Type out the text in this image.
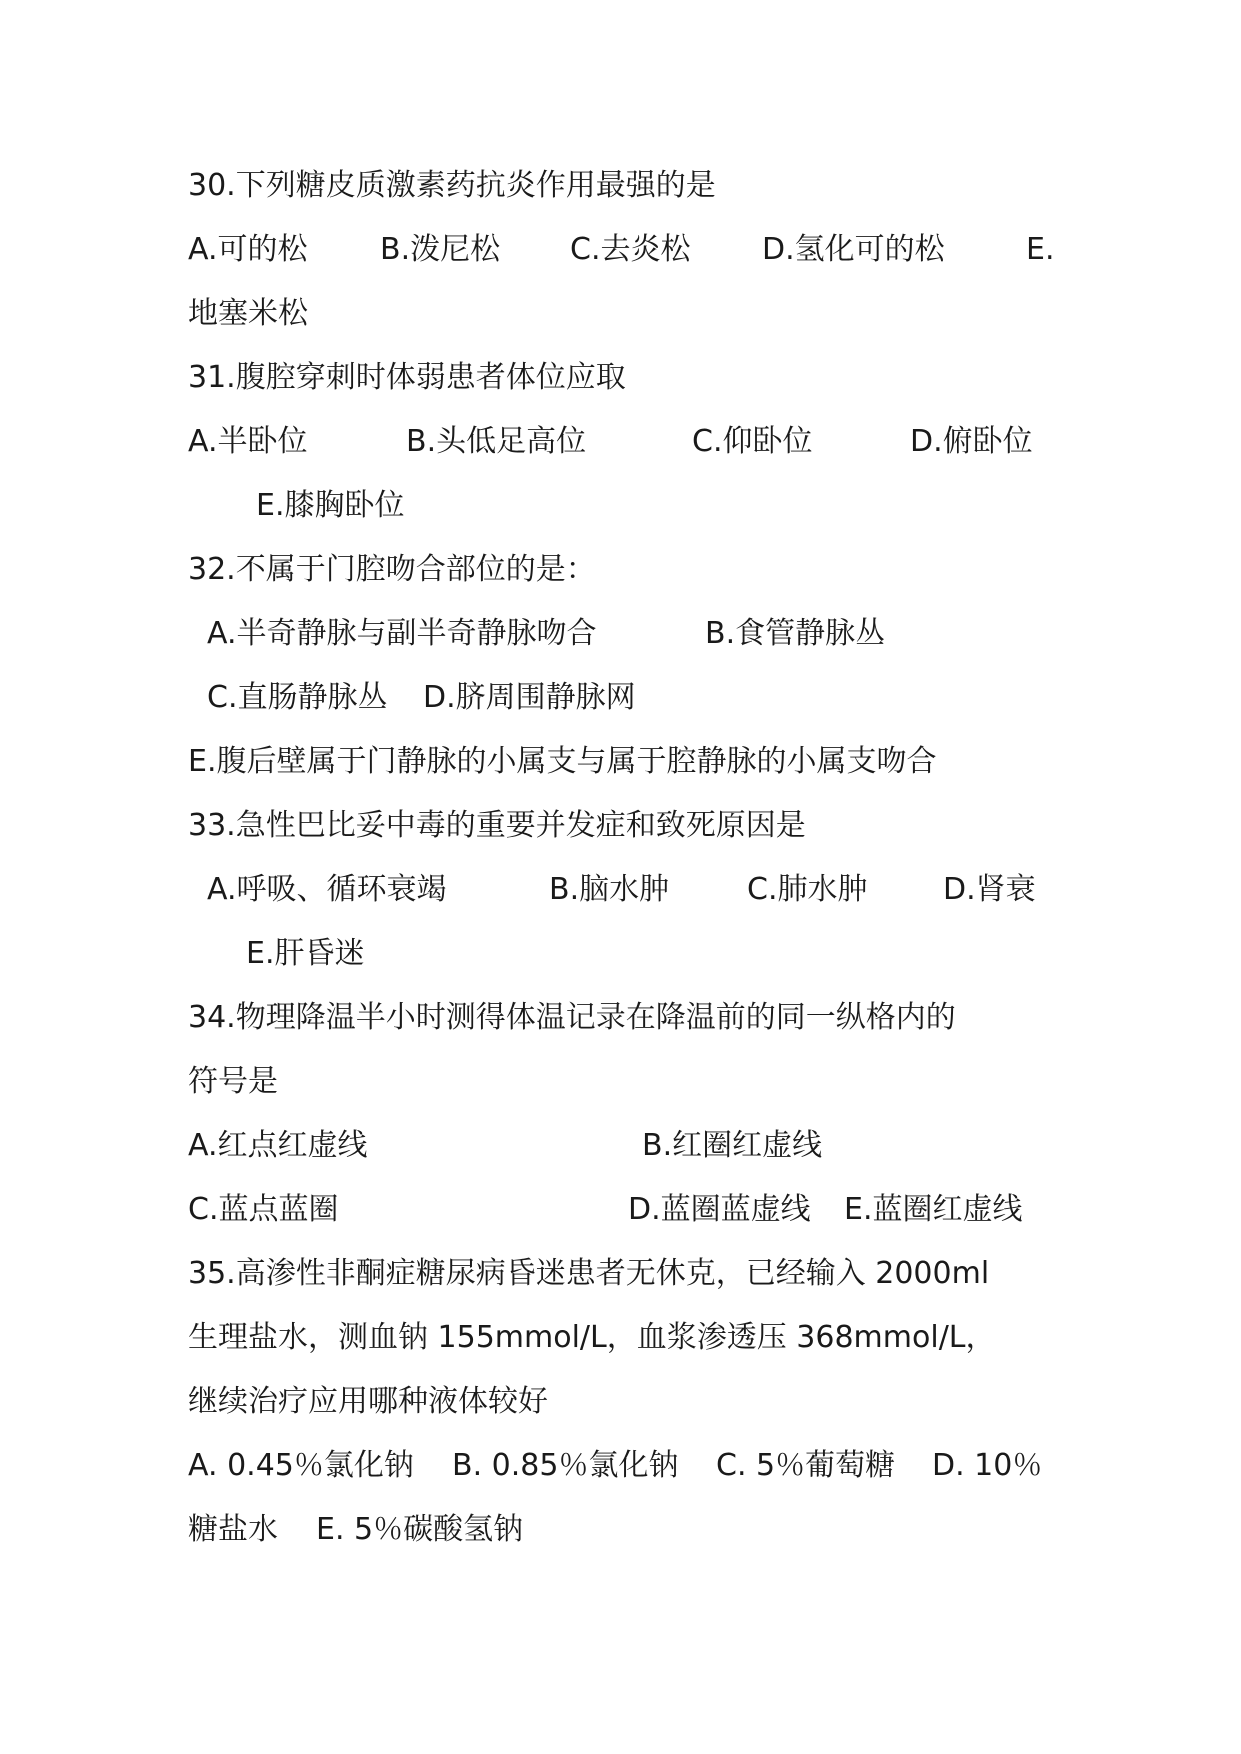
30.下列糖皮质激素药抗炎作用最强的是
A.可的松 B.泼尼松 C.去炎松 D.氢化可的松	E.
地塞米松
31.腹腔穿刺时体弱患者体位应取
A.半卧位	B.头低足高位	C.仰卧位	D.俯卧位
E.膝胸卧位
32.不属于门腔吻合部位的是：
A.半奇静脉与副半奇静脉吻合	B.食管静脉丛
C.直肠静脉丛 D.脐周围静脉网
E.腹后壁属于门静脉的小属支与属于腔静脉的小属支吻合
33.急性巴比妥中毒的重要并发症和致死原因是
A.呼吸、循环衰竭	B.脑水肿	C.肺水肿	D.肾衰
E.肝昏迷
34.物理降温半小时测得体温记录在降温前的同一纵格内的
符号是
A.红点红虚线	B.红圈红虚线
C.蓝点蓝圈	D.蓝圈蓝虚线 E.蓝圈红虚线
35.高渗性非酮症糖尿病昏迷患者无休克，已经输入 2000ml
生理盐水，测血钠 155mmol/L，血浆渗透压 368mmol/L，
继续治疗应用哪种液体较好
A. 0.45％氯化钠 B. 0.85％氯化钠 C. 5％葡萄糖 D. 10％
糖盐水 E. 5％碳酸氢钠
